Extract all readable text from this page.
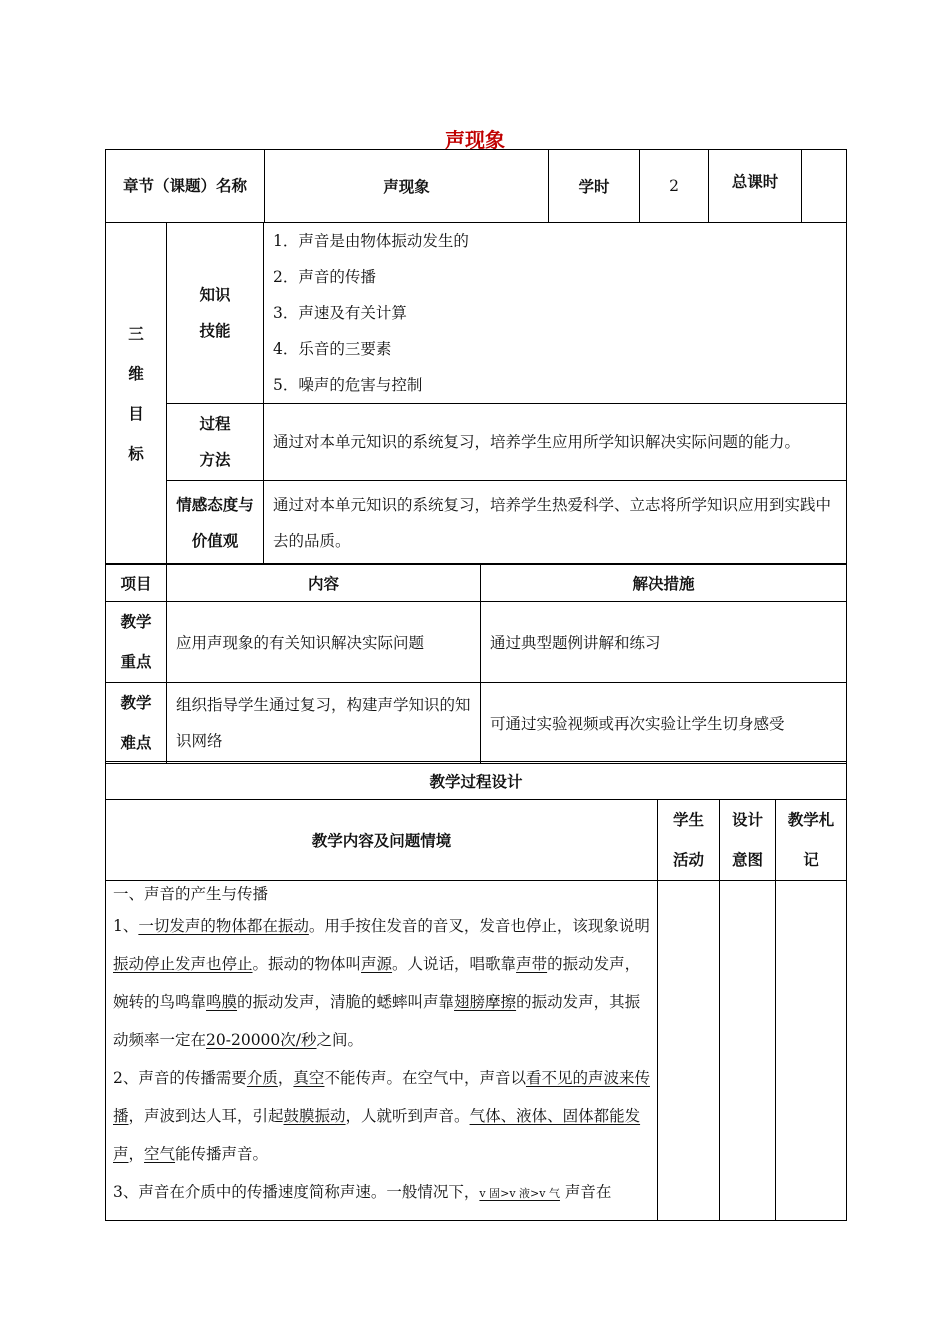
声现象
章节（课题）名称	声现象	学时	2	总课时	
三维目标	知识技能	1．声音是由物体振动发生的
2．声音的传播
3．声速及有关计算
4．乐音的三要素
5．噪声的危害与控制

	过程方法	通过对本单元知识的系统复习，培养学生应用所学知识解决实际问题的能力。
	情感态度与价值观	通过对本单元知识的系统复习，培养学生热爱科学、立志将所学知识应用到实践中去的品质。
项目	内容	解决措施
教学重点	应用声现象的有关知识解决实际问题	通过典型题例讲解和练习
教学难点	组织指导学生通过复习，构建声学知识的知识网络	可通过实验视频或再次实验让学生切身感受
教学过程设计			
教学内容及问题情境	学生活动	设计意图	教学札记

一、声音的产生与传播

1、一切发声的物体都在振动。用手按住发音的音叉，发音也停止，该现象说明振动停止发声也停止。振动的物体叫声源。人说话，唱歌靠声带的振动发声，婉转的鸟鸣靠鸣膜的振动发声，清脆的蟋蟀叫声靠翅膀摩擦的振动发声，其振动频率一定在20-20000次/秒之间。

2、声音的传播需要介质，真空不能传声。在空气中，声音以看不见的声波来传播，声波到达人耳，引起鼓膜振动，人就听到声音。气体、液体、固体都能发声，空气能传播声音。

3、声音在介质中的传播速度简称声速。一般情况下，v 固>v 液>v 气 声音在			
